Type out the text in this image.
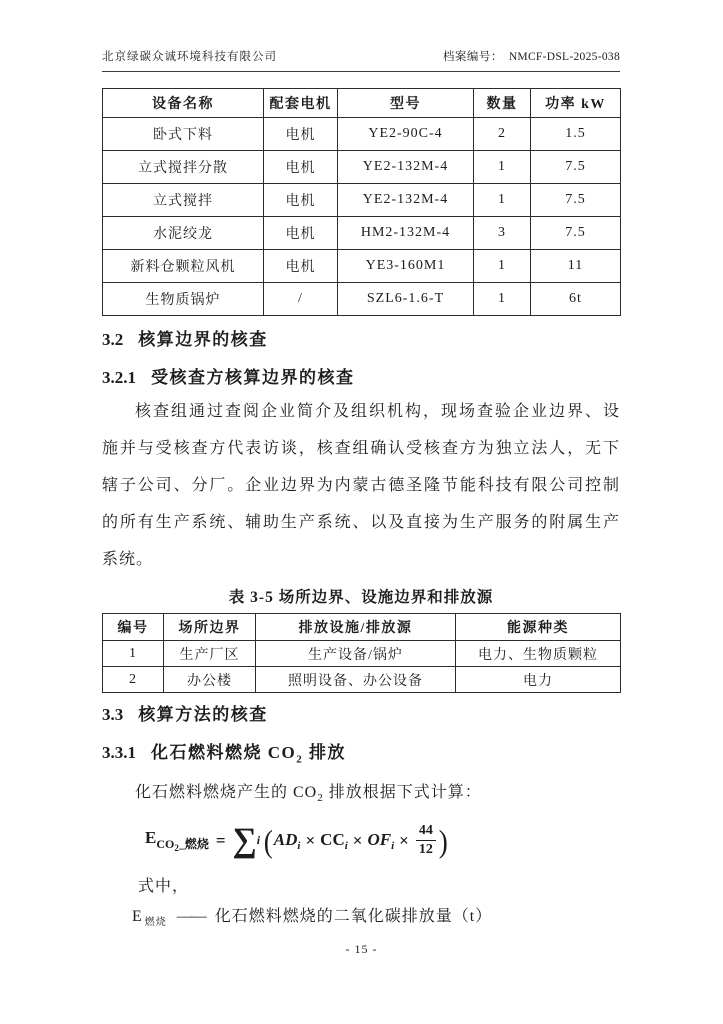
北京绿碳众诚环境科技有限公司	档案编号： NMCF-DSL-2025-038
设备名称	配套电机	型号	数量	功率 kW
卧式下料	电机	YE2-90C-4	2	1.5
立式搅拌分散	电机	YE2-132M-4	1	7.5
立式搅拌	电机	YE2-132M-4	1	7.5
水泥绞龙	电机	HM2-132M-4	3	7.5
新料仓颗粒风机	电机	YE3-160M1	1	11
生物质锅炉	/	SZL6-1.6-T	1	6t
3.2 核算边界的核查
3.2.1 受核查方核算边界的核查
核查组通过查阅企业简介及组织机构，现场查验企业边界、设
施并与受核查方代表访谈，核查组确认受核查方为独立法人，无下
辖子公司、分厂。企业边界为内蒙古德圣隆节能科技有限公司控制
的所有生产系统、辅助生产系统、以及直接为生产服务的附属生产
系统。
表 3-5 场所边界、设施边界和排放源
编号	场所边界	排放设施/排放源	能源种类
1	生产厂区	生产设备/锅炉	电力、生物质颗粒
2	办公楼	照明设备、办公设备	电力
3.3 核算方法的核查
3.3.1 化石燃料燃烧 $CO_2$ 排放
化石燃料燃烧产生的 $CO_2$ 排放根据下式计算：
$E_{CO_2\_燃烧}$ = ∑ i ( $AD_i \times CC_i \times OF_i \times \frac{44}{12}$ )
式中，
E $_{燃烧}$ —— 化石燃料燃烧的二氧化碳排放量（t）
- 15 -
